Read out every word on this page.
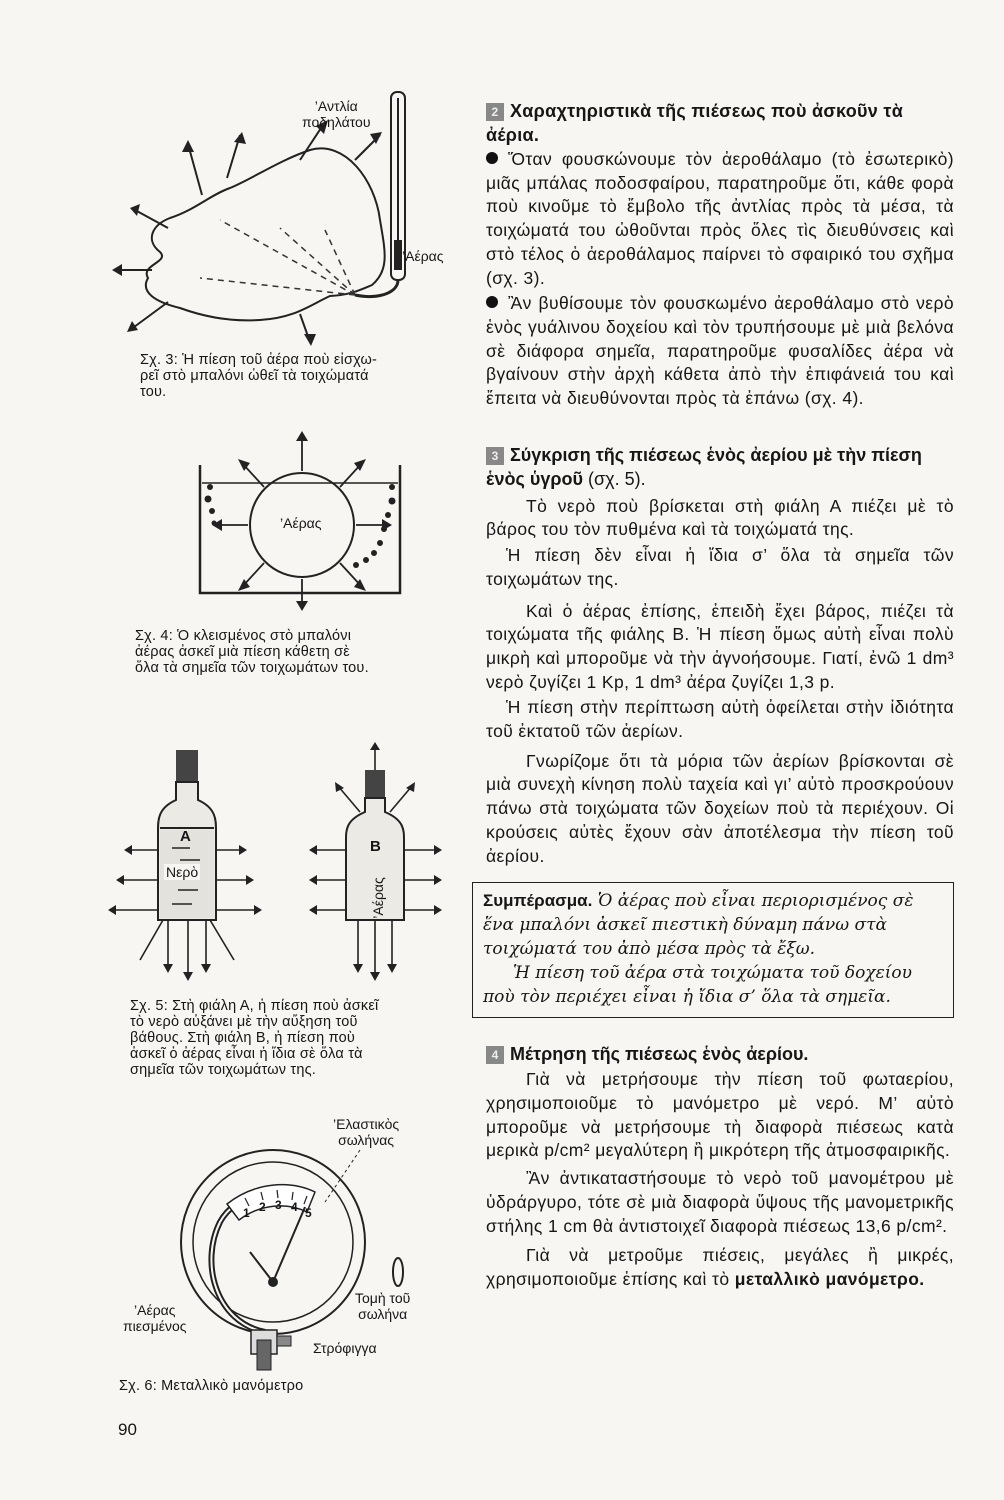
’Αντλία
ποδηλάτου
’Αέρας
Σχ. 3: Ἡ πίεση τοῦ ἀέρα ποὺ εἰσχω-
ρεῖ στὸ μπαλόνι ὠθεῖ τὰ τοιχώματά
του.
’Αέρας
Σχ. 4: Ὁ κλεισμένος στὸ μπαλόνι
ἀέρας ἀσκεῖ μιὰ πίεση κάθετη σὲ
ὅλα τὰ σημεῖα τῶν τοιχωμάτων του.
A
Νερὸ
B
’Αέρας
Σχ. 5: Στὴ φιάλη Α, ἡ πίεση ποὺ ἀσκεῖ
τὸ νερὸ αὐξάνει μὲ τὴν αὔξηση τοῦ
βάθους. Στὴ φιάλη Β, ἡ πίεση ποὺ
ἀσκεῖ ὁ ἀέρας εἶναι ἡ ἴδια σὲ ὅλα τὰ
σημεῖα τῶν τοιχωμάτων της.
1 2 3 4 5
’Ελαστικὸς
σωλήνας
Τομὴ τοῦ
σωλήνα
’Αέρας
πιεσμένος
Στρόφιγγα
Σχ. 6: Μεταλλικὸ μανόμετρο
90
2 Χαραχτηριστικὰ τῆς πιέσεως ποὺ ἀσκοῦν τὰ
ἀέρια.

Ὅταν φουσκώνουμε τὸν ἀεροθάλαμο (τὸ ἐσωτερικὸ) μιᾶς μπάλας ποδοσφαίρου, παρατηροῦμε ὅτι, κάθε φορὰ ποὺ κινοῦμε τὸ ἔμβολο τῆς ἀντλίας πρὸς τὰ μέσα, τὰ τοιχώματά του ὠθοῦνται πρὸς ὅλες τὶς διευθύνσεις καὶ στὸ τέλος ὁ ἀεροθάλαμος παίρνει τὸ σφαιρικό του σχῆμα (σχ. 3).

Ἂν βυθίσουμε τὸν φουσκωμένο ἀεροθάλαμο στὸ νερὸ ἑνὸς γυάλινου δοχείου καὶ τὸν τρυπήσουμε μὲ μιὰ βελόνα σὲ διάφορα σημεῖα, παρατηροῦμε φυσαλίδες ἀέρα νὰ βγαίνουν στὴν ἀρχὴ κάθετα ἀπὸ τὴν ἐπιφάνειά του καὶ ἔπειτα νὰ διευθύνονται πρὸς τὰ ἐπάνω (σχ. 4).

3 Σύγκριση τῆς πιέσεως ἑνὸς ἀερίου μὲ τὴν πίεση ἑνὸς ὑγροῦ (σχ. 5).

Τὸ νερὸ ποὺ βρίσκεται στὴ φιάλη Α πιέζει μὲ τὸ βάρος του τὸν πυθμένα καὶ τὰ τοιχώματά της.

Ἡ πίεση δὲν εἶναι ἡ ἴδια σ’ ὅλα τὰ σημεῖα τῶν τοιχωμάτων της.

Καὶ ὁ ἀέρας ἐπίσης, ἐπειδὴ ἔχει βάρος, πιέζει τὰ τοιχώματα τῆς φιάλης Β. Ἡ πίεση ὅμως αὐτὴ εἶναι πολὺ μικρὴ καὶ μποροῦμε νὰ τὴν ἀγνοήσουμε. Γιατί, ἐνῶ 1 dm³ νερὸ ζυγίζει 1 Kp, 1 dm³ ἀέρα ζυγίζει 1,3 p.

Ἡ πίεση στὴν περίπτωση αὐτὴ ὀφείλεται στὴν ἰδιότητα τοῦ ἐκτατοῦ τῶν ἀερίων.

Γνωρίζομε ὅτι τὰ μόρια τῶν ἀερίων βρίσκονται σὲ μιὰ συνεχὴ κίνηση πολὺ ταχεία καὶ γι’ αὐτὸ προσκρούουν πάνω στὰ τοιχώματα τῶν δοχείων ποὺ τὰ περιέχουν. Οἱ κρούσεις αὐτὲς ἔχουν σὰν ἀποτέλεσμα τὴν πίεση τοῦ ἀερίου.

Συμπέρασμα. Ὁ ἀέρας ποὺ εἶναι περιορισμένος σὲ ἕνα μπαλόνι ἀσκεῖ πιεστικὴ δύναμη πάνω στὰ τοιχώματά του ἀπὸ μέσα πρὸς τὰ ἔξω.

Ἡ πίεση τοῦ ἀέρα στὰ τοιχώματα τοῦ δοχείου ποὺ τὸν περιέχει εἶναι ἡ ἴδια σ’ ὅλα τὰ σημεῖα.

4 Μέτρηση τῆς πιέσεως ἑνὸς ἀερίου.

Γιὰ νὰ μετρήσουμε τὴν πίεση τοῦ φωταερίου, χρησιμοποιοῦμε τὸ μανόμετρο μὲ νερό. Μ’ αὐτὸ μποροῦμε νὰ μετρήσουμε τὴ διαφορὰ πιέσεως κατὰ μερικὰ p/cm² μεγαλύτερη ἢ μικρότερη τῆς ἀτμοσφαιρικῆς.

Ἂν ἀντικαταστήσουμε τὸ νερὸ τοῦ μανομέτρου μὲ ὑδράργυρο, τότε σὲ μιὰ διαφορὰ ὕψους τῆς μανομετρικῆς στήλης 1 cm θὰ ἀντιστοιχεῖ διαφορὰ πιέσεως 13,6 p/cm².

Γιὰ νὰ μετροῦμε πιέσεις, μεγάλες ἢ μικρές, χρησιμοποιοῦμε ἐπίσης καὶ τὸ μεταλλικὸ μανόμετρο.
